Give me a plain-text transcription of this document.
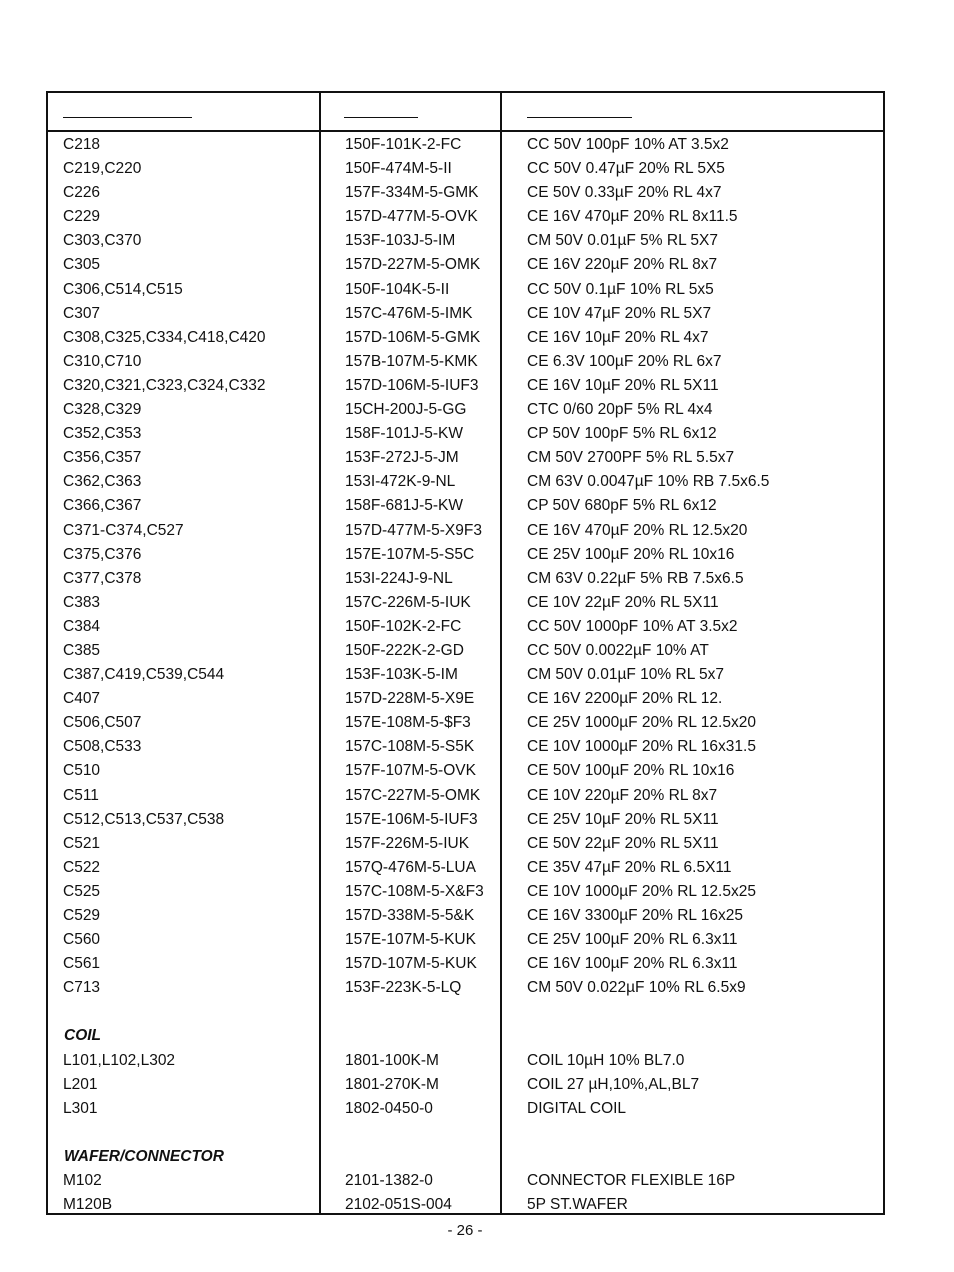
C218	150F-101K-2-FC	CC 50V 100pF 10% AT 3.5x2
C219,C220	150F-474M-5-II	CC 50V 0.47µF 20% RL 5X5
C226	157F-334M-5-GMK	CE 50V 0.33µF 20% RL 4x7
C229	157D-477M-5-OVK	CE 16V 470µF 20% RL 8x11.5
C303,C370	153F-103J-5-IM	CM 50V 0.01µF 5% RL 5X7
C305	157D-227M-5-OMK	CE 16V 220µF 20% RL 8x7
C306,C514,C515	150F-104K-5-II	CC 50V 0.1µF 10% RL 5x5
C307	157C-476M-5-IMK	CE 10V 47µF 20% RL 5X7
C308,C325,C334,C418,C420	157D-106M-5-GMK	CE 16V 10µF 20% RL 4x7
C310,C710	157B-107M-5-KMK	CE 6.3V 100µF 20% RL 6x7
C320,C321,C323,C324,C332	157D-106M-5-IUF3	CE 16V 10µF 20% RL 5X11
C328,C329	15CH-200J-5-GG	CTC 0/60 20pF 5% RL 4x4
C352,C353	158F-101J-5-KW	CP 50V 100pF 5% RL 6x12
C356,C357	153F-272J-5-JM	CM 50V 2700PF 5% RL 5.5x7
C362,C363	153I-472K-9-NL	CM 63V 0.0047µF 10% RB 7.5x6.5
C366,C367	158F-681J-5-KW	CP 50V 680pF 5% RL 6x12
C371-C374,C527	157D-477M-5-X9F3	CE 16V 470µF 20% RL 12.5x20
C375,C376	157E-107M-5-S5C	CE 25V 100µF 20% RL 10x16
C377,C378	153I-224J-9-NL	CM 63V 0.22µF 5% RB 7.5x6.5
C383	157C-226M-5-IUK	CE 10V 22µF 20% RL 5X11
C384	150F-102K-2-FC	CC 50V 1000pF 10% AT 3.5x2
C385	150F-222K-2-GD	CC 50V 0.0022µF 10% AT
C387,C419,C539,C544	153F-103K-5-IM	CM 50V 0.01µF 10% RL 5x7
C407	157D-228M-5-X9E	CE 16V 2200µF 20% RL 12.
C506,C507	157E-108M-5-$F3	CE 25V 1000µF 20% RL 12.5x20
C508,C533	157C-108M-5-S5K	CE 10V 1000µF 20% RL 16x31.5
C510	157F-107M-5-OVK	CE 50V 100µF 20% RL 10x16
C511	157C-227M-5-OMK	CE 10V 220µF 20% RL 8x7
C512,C513,C537,C538	157E-106M-5-IUF3	CE 25V 10µF 20% RL 5X11
C521	157F-226M-5-IUK	CE 50V 22µF 20% RL 5X11
C522	157Q-476M-5-LUA	CE 35V 47µF 20% RL 6.5X11
C525	157C-108M-5-X&F3	CE 10V 1000µF 20% RL 12.5x25
C529	157D-338M-5-5&K	CE 16V 3300µF 20% RL 16x25
C560	157E-107M-5-KUK	CE 25V 100µF 20% RL 6.3x11
C561	157D-107M-5-KUK	CE 16V 100µF 20% RL 6.3x11
C713	153F-223K-5-LQ	CM 50V 0.022µF 10% RL 6.5x9
COIL
L101,L102,L302	1801-100K-M	COIL 10µH 10% BL7.0
L201	1801-270K-M	COIL 27 µH,10%,AL,BL7
L301	1802-0450-0	DIGITAL COIL
WAFER/CONNECTOR
M102	2101-1382-0	CONNECTOR FLEXIBLE 16P
M120B	2102-051S-004	5P ST.WAFER
- 26 -
